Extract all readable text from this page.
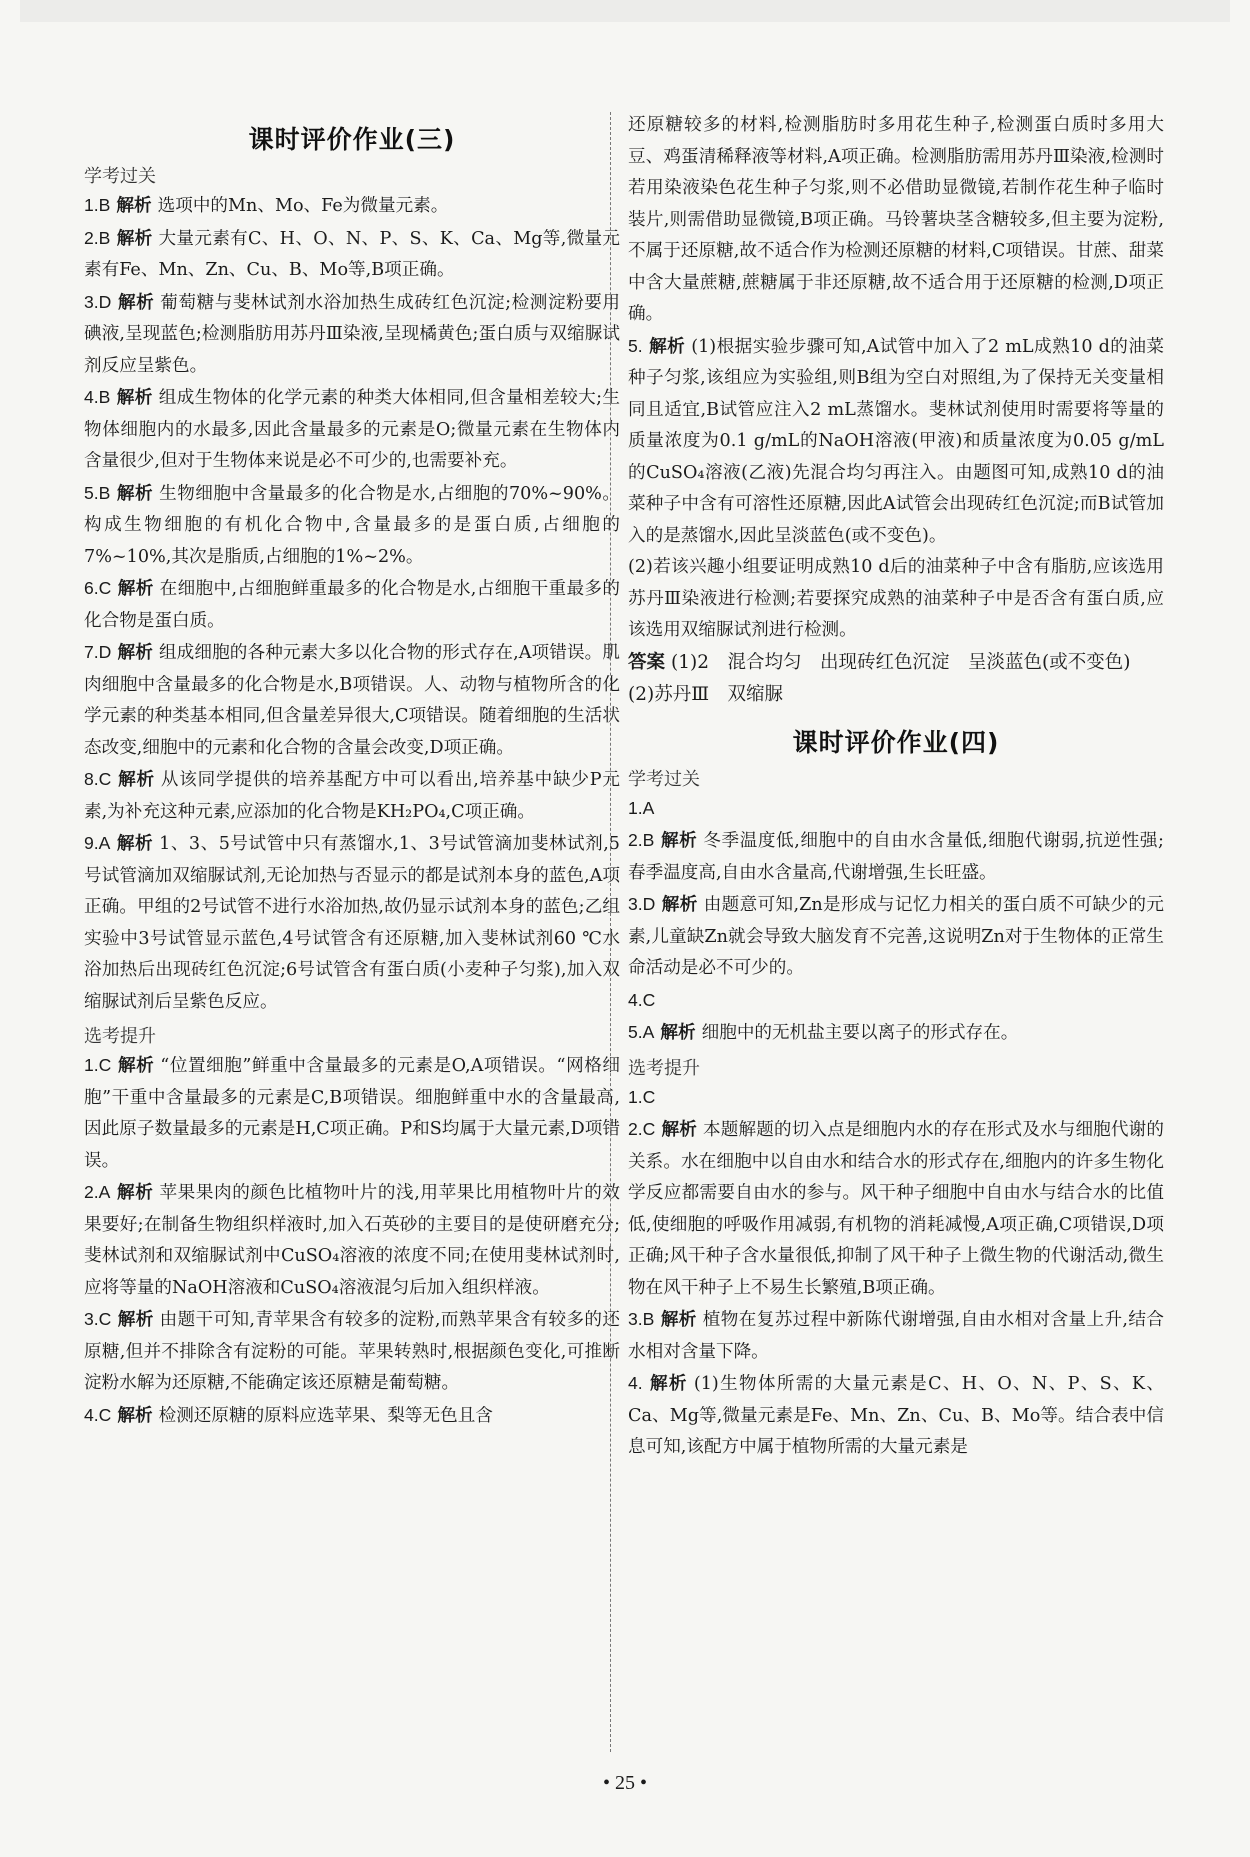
课时评价作业(三)
学考过关

1.B 解析 选项中的Mn、Mo、Fe为微量元素。

2.B 解析 大量元素有C、H、O、N、P、S、K、Ca、Mg等,微量元素有Fe、Mn、Zn、Cu、B、Mo等,B项正确。

3.D 解析 葡萄糖与斐林试剂水浴加热生成砖红色沉淀;检测淀粉要用碘液,呈现蓝色;检测脂肪用苏丹Ⅲ染液,呈现橘黄色;蛋白质与双缩脲试剂反应呈紫色。

4.B 解析 组成生物体的化学元素的种类大体相同,但含量相差较大;生物体细胞内的水最多,因此含量最多的元素是O;微量元素在生物体内含量很少,但对于生物体来说是必不可少的,也需要补充。

5.B 解析 生物细胞中含量最多的化合物是水,占细胞的70%~90%。构成生物细胞的有机化合物中,含量最多的是蛋白质,占细胞的7%~10%,其次是脂质,占细胞的1%~2%。

6.C 解析 在细胞中,占细胞鲜重最多的化合物是水,占细胞干重最多的化合物是蛋白质。

7.D 解析 组成细胞的各种元素大多以化合物的形式存在,A项错误。肌肉细胞中含量最多的化合物是水,B项错误。人、动物与植物所含的化学元素的种类基本相同,但含量差异很大,C项错误。随着细胞的生活状态改变,细胞中的元素和化合物的含量会改变,D项正确。

8.C 解析 从该同学提供的培养基配方中可以看出,培养基中缺少P元素,为补充这种元素,应添加的化合物是KH₂PO₄,C项正确。

9.A 解析 1、3、5号试管中只有蒸馏水,1、3号试管滴加斐林试剂,5号试管滴加双缩脲试剂,无论加热与否显示的都是试剂本身的蓝色,A项正确。甲组的2号试管不进行水浴加热,故仍显示试剂本身的蓝色;乙组实验中3号试管显示蓝色,4号试管含有还原糖,加入斐林试剂60 ℃水浴加热后出现砖红色沉淀;6号试管含有蛋白质(小麦种子匀浆),加入双缩脲试剂后呈紫色反应。

选考提升

1.C 解析 “位置细胞”鲜重中含量最多的元素是O,A项错误。“网格细胞”干重中含量最多的元素是C,B项错误。细胞鲜重中水的含量最高,因此原子数量最多的元素是H,C项正确。P和S均属于大量元素,D项错误。

2.A 解析 苹果果肉的颜色比植物叶片的浅,用苹果比用植物叶片的效果要好;在制备生物组织样液时,加入石英砂的主要目的是使研磨充分;斐林试剂和双缩脲试剂中CuSO₄溶液的浓度不同;在使用斐林试剂时,应将等量的NaOH溶液和CuSO₄溶液混匀后加入组织样液。

3.C 解析 由题干可知,青苹果含有较多的淀粉,而熟苹果含有较多的还原糖,但并不排除含有淀粉的可能。苹果转熟时,根据颜色变化,可推断淀粉水解为还原糖,不能确定该还原糖是葡萄糖。

4.C 解析 检测还原糖的原料应选苹果、梨等无色且含

还原糖较多的材料,检测脂肪时多用花生种子,检测蛋白质时多用大豆、鸡蛋清稀释液等材料,A项正确。检测脂肪需用苏丹Ⅲ染液,检测时若用染液染色花生种子匀浆,则不必借助显微镜,若制作花生种子临时装片,则需借助显微镜,B项正确。马铃薯块茎含糖较多,但主要为淀粉,不属于还原糖,故不适合作为检测还原糖的材料,C项错误。甘蔗、甜菜中含大量蔗糖,蔗糖属于非还原糖,故不适合用于还原糖的检测,D项正确。

5. 解析 (1)根据实验步骤可知,A试管中加入了2 mL成熟10 d的油菜种子匀浆,该组应为实验组,则B组为空白对照组,为了保持无关变量相同且适宜,B试管应注入2 mL蒸馏水。斐林试剂使用时需要将等量的质量浓度为0.1 g/mL的NaOH溶液(甲液)和质量浓度为0.05 g/mL的CuSO₄溶液(乙液)先混合均匀再注入。由题图可知,成熟10 d的油菜种子中含有可溶性还原糖,因此A试管会出现砖红色沉淀;而B试管加入的是蒸馏水,因此呈淡蓝色(或不变色)。

(2)若该兴趣小组要证明成熟10 d后的油菜种子中含有脂肪,应该选用苏丹Ⅲ染液进行检测;若要探究成熟的油菜种子中是否含有蛋白质,应该选用双缩脲试剂进行检测。

答案 (1)2　混合均匀　出现砖红色沉淀　呈淡蓝色(或不变色)

(2)苏丹Ⅲ　双缩脲

课时评价作业(四)
学考过关

1.A

2.B 解析 冬季温度低,细胞中的自由水含量低,细胞代谢弱,抗逆性强;春季温度高,自由水含量高,代谢增强,生长旺盛。

3.D 解析 由题意可知,Zn是形成与记忆力相关的蛋白质不可缺少的元素,儿童缺Zn就会导致大脑发育不完善,这说明Zn对于生物体的正常生命活动是必不可少的。

4.C

5.A 解析 细胞中的无机盐主要以离子的形式存在。

选考提升

1.C

2.C 解析 本题解题的切入点是细胞内水的存在形式及水与细胞代谢的关系。水在细胞中以自由水和结合水的形式存在,细胞内的许多生物化学反应都需要自由水的参与。风干种子细胞中自由水与结合水的比值低,使细胞的呼吸作用减弱,有机物的消耗减慢,A项正确,C项错误,D项正确;风干种子含水量很低,抑制了风干种子上微生物的代谢活动,微生物在风干种子上不易生长繁殖,B项正确。

3.B 解析 植物在复苏过程中新陈代谢增强,自由水相对含量上升,结合水相对含量下降。

4. 解析 (1)生物体所需的大量元素是C、H、O、N、P、S、K、Ca、Mg等,微量元素是Fe、Mn、Zn、Cu、B、Mo等。结合表中信息可知,该配方中属于植物所需的大量元素是

• 25 •
